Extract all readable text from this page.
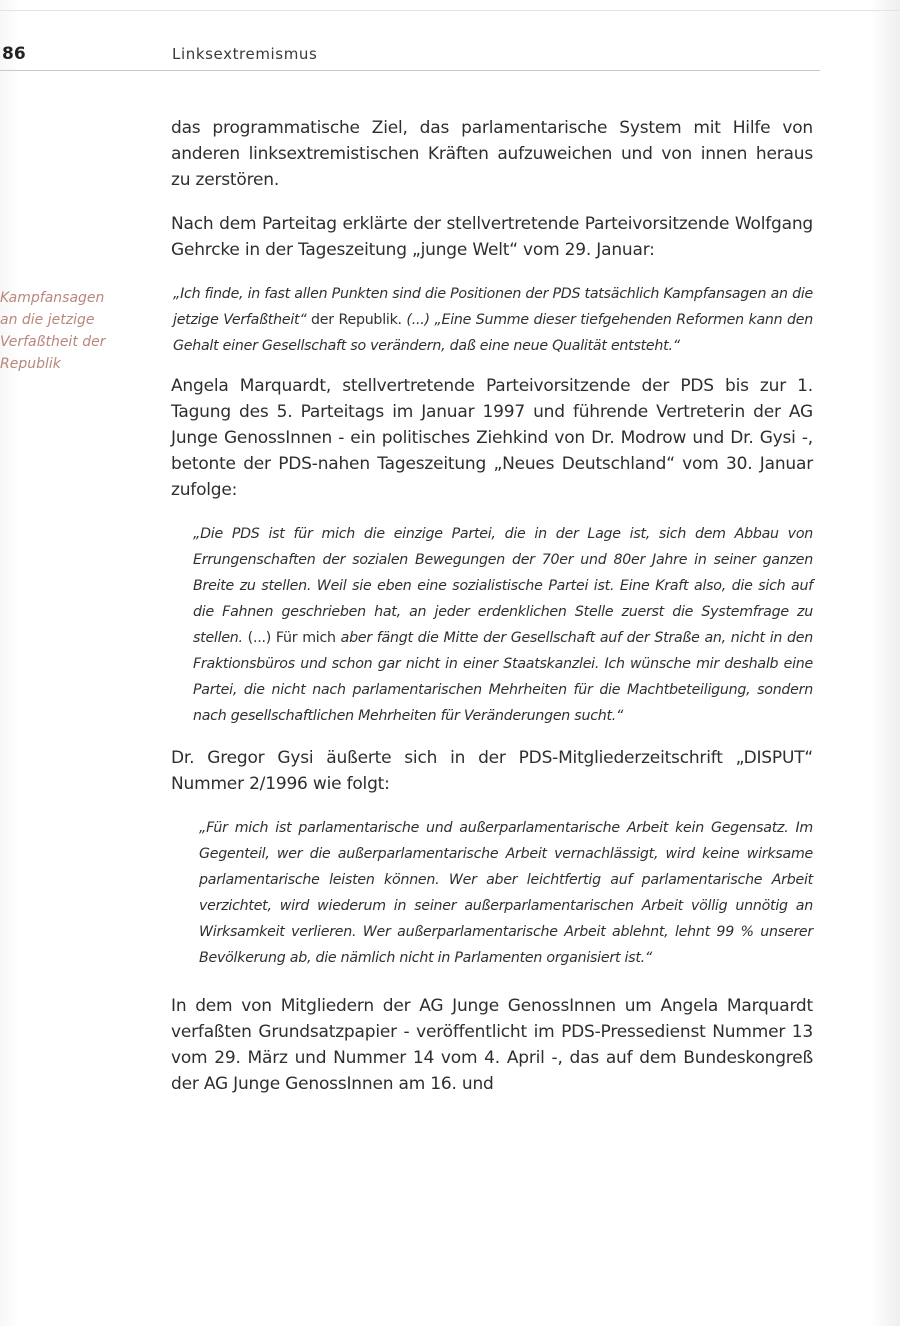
86	Linksextremismus
Kampfansagen
an die jetzige
Verfaßtheit der
Republik

das programmatische Ziel, das parlamentarische System mit Hilfe von anderen linksextremistischen Kräften aufzuweichen und von innen heraus zu zerstören.

Nach dem Parteitag erklärte der stellvertretende Parteivorsitzende Wolfgang Gehrcke in der Tageszeitung „junge Welt“ vom 29. Januar:

„Ich finde, in fast allen Punkten sind die Positionen der PDS tatsächlich Kampfansagen an die jetzige Verfaßtheit“ der Republik. (...) „Eine Summe dieser tiefgehenden Reformen kann den Gehalt einer Gesellschaft so verändern, daß eine neue Qualität entsteht.“

Angela Marquardt, stellvertretende Parteivorsitzende der PDS bis zur 1. Tagung des 5. Parteitags im Januar 1997 und führende Vertreterin der AG Junge GenossInnen - ein politisches Ziehkind von Dr. Modrow und Dr. Gysi -, betonte der PDS-nahen Tageszeitung „Neues Deutschland“ vom 30. Januar zufolge:

„Die PDS ist für mich die einzige Partei, die in der Lage ist, sich dem Abbau von Errungenschaften der sozialen Bewegungen der 70er und 80er Jahre in seiner ganzen Breite zu stellen. Weil sie eben eine sozialistische Partei ist. Eine Kraft also, die sich auf die Fahnen geschrieben hat, an jeder erdenklichen Stelle zuerst die Systemfrage zu stellen. (...) Für mich aber fängt die Mitte der Gesellschaft auf der Straße an, nicht in den Fraktionsbüros und schon gar nicht in einer Staatskanzlei. Ich wünsche mir deshalb eine Partei, die nicht nach parlamentarischen Mehrheiten für die Machtbeteiligung, sondern nach gesellschaftlichen Mehrheiten für Veränderungen sucht.“

Dr. Gregor Gysi äußerte sich in der PDS-Mitgliederzeitschrift „DISPUT“ Nummer 2/1996 wie folgt:

„Für mich ist parlamentarische und außerparlamentarische Arbeit kein Gegensatz. Im Gegenteil, wer die außerparlamentarische Arbeit vernachlässigt, wird keine wirksame parlamentarische leisten können. Wer aber leichtfertig auf parlamentarische Arbeit verzichtet, wird wiederum in seiner außerparlamentarischen Arbeit völlig unnötig an Wirksamkeit verlieren. Wer außerparlamentarische Arbeit ablehnt, lehnt 99 % unserer Bevölkerung ab, die nämlich nicht in Parlamenten organisiert ist.“

In dem von Mitgliedern der AG Junge GenossInnen um Angela Marquardt verfaßten Grundsatzpapier - veröffentlicht im PDS-Pressedienst Nummer 13 vom 29. März und Nummer 14 vom 4. April -, das auf dem Bundeskongreß der AG Junge GenossInnen am 16. und
